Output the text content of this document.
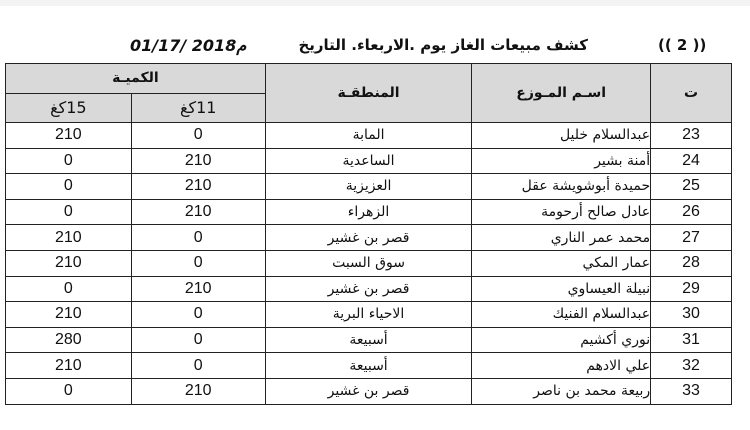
(( 2 ))
كشف مبيعات الغاز يوم .الاربعاء. التاريخ
01/17/ 2018م
ت	اسـم المـوزع	المنطقـة	الكميـة	
			11كغ	15كغ
23	عبدالسلام خليل	المابة	0	210
24	أمنة بشير	الساعدية	210	0
25	حميدة أبوشويشة عقل	العزيزية	210	0
26	عادل صالح أرحومة	الزهراء	210	0
27	محمد عمر الناري	قصر بن غشير	0	210
28	عمار المكي	سوق السبت	0	210
29	نبيلة العيساوي	قصر بن غشير	210	0
30	عبدالسلام الفنيك	الاحياء البرية	0	210
31	نوري أكشيم	أسبيعة	0	280
32	علي الادهم	أسبيعة	0	210
33	ربيعة محمد بن ناصر	قصر بن غشير	210	0
